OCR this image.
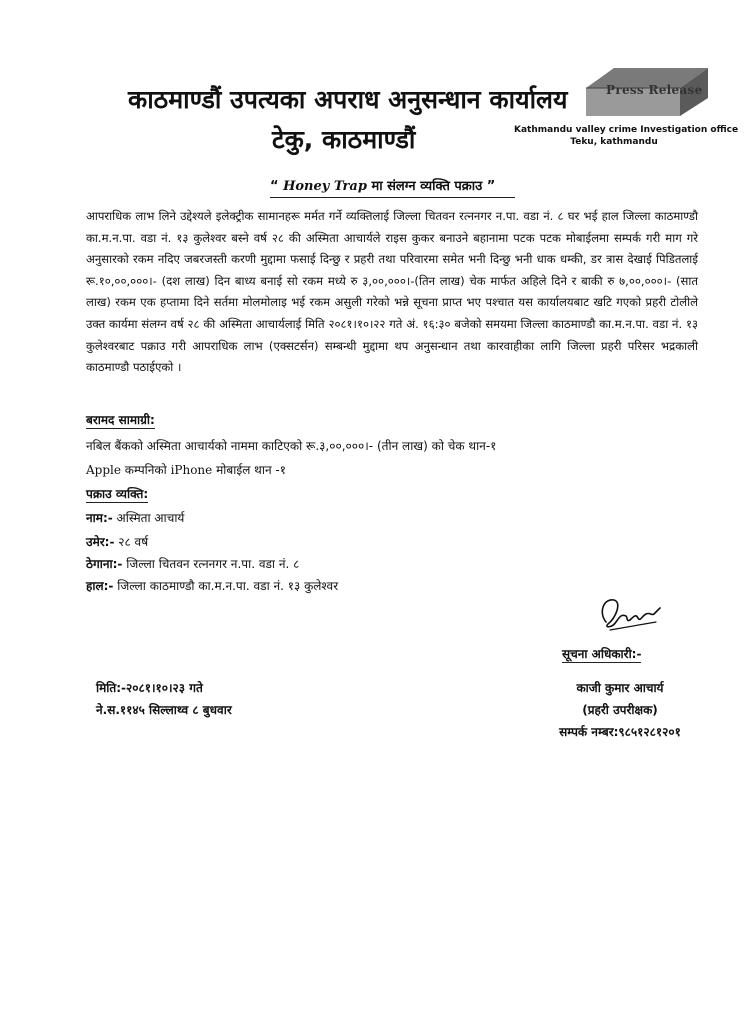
काठमाण्डौं उपत्यका अपराध अनुसन्धान कार्यालय
टेकु, काठमाण्डौं
Press Release
Kathmandu valley crime Investigation office
Teku, kathmandu
“ Honey Trap मा संलग्न व्यक्ति पक्राउ ”
आपराधिक लाभ लिने उद्देश्यले इलेक्ट्रीक सामानहरू मर्मत गर्ने व्यक्तिलाई जिल्ला चितवन रत्ननगर न.पा. वडा नं. ८ घर भई हाल जिल्ला काठमाण्डौ का.म.न.पा. वडा नं. १३ कुलेश्वर बस्ने वर्ष २८ की अस्मिता आचार्यले राइस कुकर बनाउने बहानामा पटक पटक मोबाईलमा सम्पर्क गरी माग गरे अनुसारको रकम नदिए जबरजस्ती करणी मुद्दामा फसाई दिन्छु र प्रहरी तथा परिवारमा समेत भनी दिन्छु भनी धाक धम्की, डर त्रास देखाई पिडितलाई रू.१०,००,०००।- (दश लाख) दिन बाध्य बनाई सो रकम मध्ये रु ३,००,०००।-(तिन लाख) चेक मार्फत अहिले दिने र बाकी रु ७,००,०००।- (सात लाख) रकम एक हप्तामा दिने सर्तमा मोलमोलाइ भई रकम असुली गरेको भन्ने सूचना प्राप्त भए पश्चात यस कार्यालयबाट खटि गएको प्रहरी टोलीले उक्त कार्यमा संलग्न वर्ष २८ की अस्मिता आचार्यलाई मिति २०८१।१०।२२ गते अं. १६:३० बजेको समयमा जिल्ला काठमाण्डौ का.म.न.पा. वडा नं. १३ कुलेश्वरबाट पक्राउ गरी आपराधिक लाभ (एक्सटर्सन) सम्बन्धी मुद्दामा थप अनुसन्धान तथा कारवाहीका लागि जिल्ला प्रहरी परिसर भद्रकाली काठमाण्डौ पठाईएको ।
बरामद सामाग्री:
नबिल बैंकको अस्मिता आचार्यको नाममा काटिएको रू.३,००,०००।- (तीन लाख) को चेक थान-१
Apple कम्पनिको iPhone मोबाईल थान -१
पक्राउ व्यक्ति:
नाम:- अस्मिता आचार्य
उमेर:- २८ वर्ष
ठेगाना:- जिल्ला चितवन रत्ननगर न.पा. वडा नं. ८
हाल:- जिल्ला काठमाण्डौ का.म.न.पा. वडा नं. १३ कुलेश्वर
सूचना अधिकारी:-
काजी कुमार आचार्य
(प्रहरी उपरीक्षक)
सम्पर्क नम्बर:९८५१२८१२०१
मिति:-२०८१।१०।२३ गते
ने.स.११४५ सिल्लाथ्व ८ बुधवार
